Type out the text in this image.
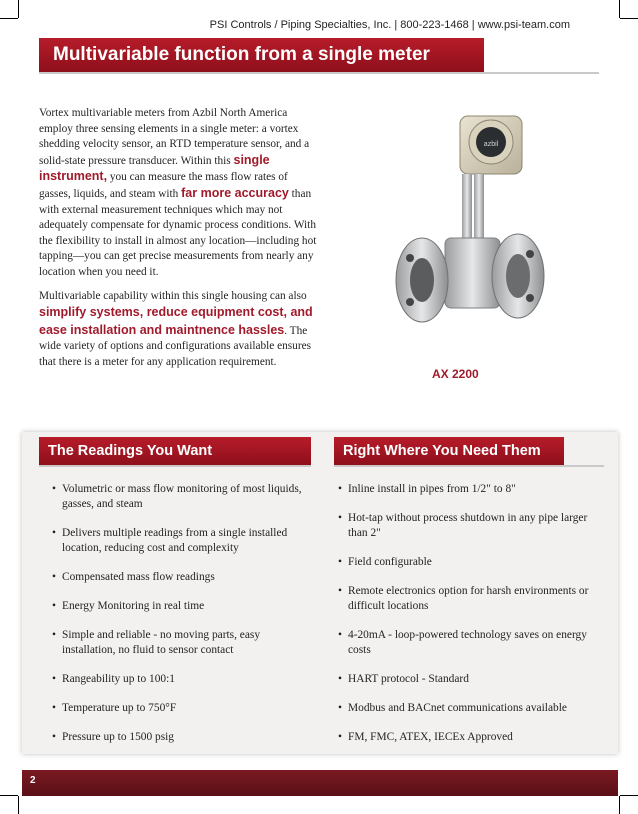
PSI Controls / Piping Specialties, Inc. | 800-223-1468 | www.psi-team.com
Multivariable function from a single meter

Vortex multivariable meters from Azbil North America employ three sensing elements in a single meter: a vortex shedding velocity sensor, an RTD temperature sensor, and a solid-state pressure transducer. Within this single instrument, you can measure the mass flow rates of gasses, liquids, and steam with far more accuracy than with external measurement techniques which may not adequately compensate for dynamic process conditions. With the flexibility to install in almost any location—including hot tapping—you can get precise measurements from nearly any location when you need it.

Multivariable capability within this single housing can also simplify systems, reduce equipment cost, and ease installation and maintnence hassles. The wide variety of options and configurations available ensures that there is a meter for any application requirement.

azbil
AX 2200
The Readings You Want	Right Where You Need Them
• Volumetric or mass flow monitoring of most liquids, gasses, and steam
• Delivers multiple readings from a single installed location, reducing cost and complexity
• Compensated mass flow readings
• Energy Monitoring in real time
• Simple and reliable - no moving parts, easy installation, no fluid to sensor contact
• Rangeability up to 100:1
• Temperature up to 750°F
• Pressure up to 1500 psig
• Inline install in pipes from 1/2" to 8"
• Hot-tap without process shutdown in any pipe larger than 2"
• Field configurable
• Remote electronics option for harsh environments or difficult locations
• 4-20mA - loop-powered technology saves on energy costs
• HART protocol - Standard
• Modbus and BACnet communications available
• FM, FMC, ATEX, IECEx Approved
2
